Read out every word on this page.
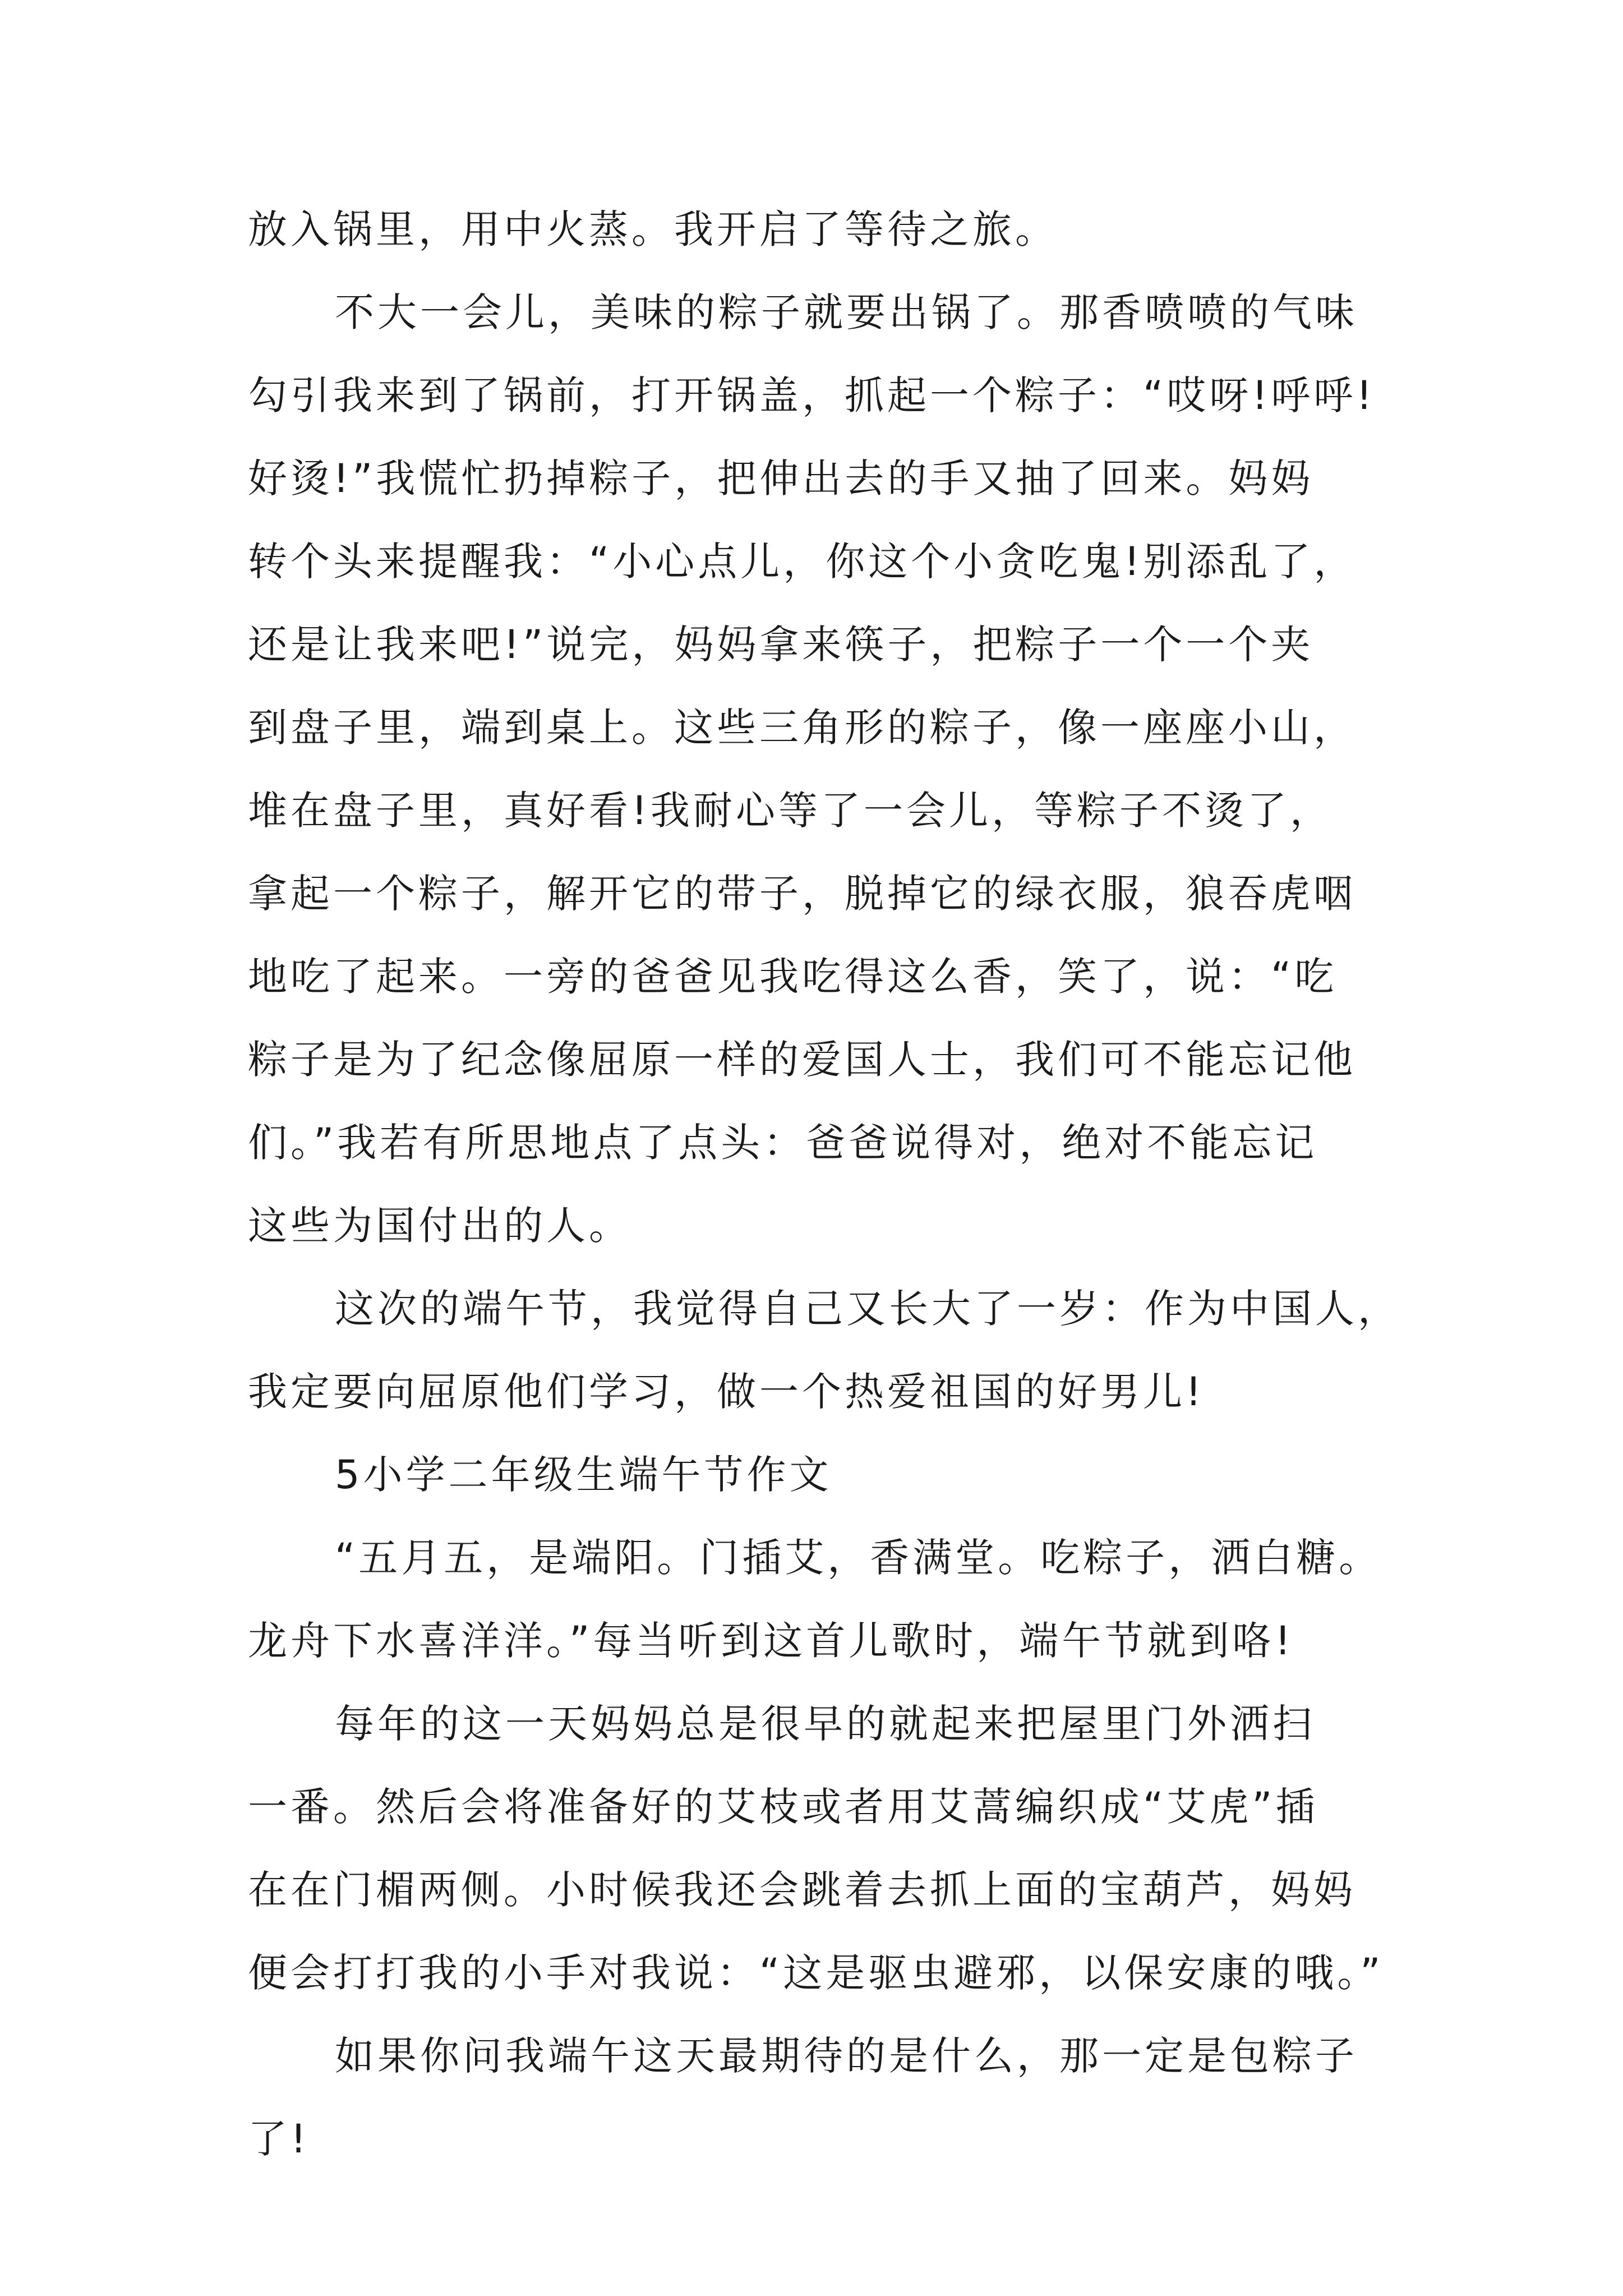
放入锅里，用中火蒸。我开启了等待之旅。
不大一会儿，美味的粽子就要出锅了。那香喷喷的气味
勾引我来到了锅前，打开锅盖，抓起一个粽子：“哎呀!呼呼!
好烫!”我慌忙扔掉粽子，把伸出去的手又抽了回来。妈妈
转个头来提醒我：“小心点儿，你这个小贪吃鬼!别添乱了，
还是让我来吧!”说完，妈妈拿来筷子，把粽子一个一个夹
到盘子里，端到桌上。这些三角形的粽子，像一座座小山，
堆在盘子里，真好看!我耐心等了一会儿，等粽子不烫了，
拿起一个粽子，解开它的带子，脱掉它的绿衣服，狼吞虎咽
地吃了起来。一旁的爸爸见我吃得这么香，笑了，说：“吃
粽子是为了纪念像屈原一样的爱国人士，我们可不能忘记他
们。”我若有所思地点了点头：爸爸说得对，绝对不能忘记
这些为国付出的人。
这次的端午节，我觉得自己又长大了一岁：作为中国人，
我定要向屈原他们学习，做一个热爱祖国的好男儿!
5小学二年级生端午节作文
“五月五，是端阳。门插艾，香满堂。吃粽子，洒白糖。
龙舟下水喜洋洋。”每当听到这首儿歌时，端午节就到咯!
每年的这一天妈妈总是很早的就起来把屋里门外洒扫
一番。然后会将准备好的艾枝或者用艾蒿编织成“艾虎”插
在在门楣两侧。小时候我还会跳着去抓上面的宝葫芦，妈妈
便会打打我的小手对我说：“这是驱虫避邪，以保安康的哦。”
如果你问我端午这天最期待的是什么，那一定是包粽子
了!
